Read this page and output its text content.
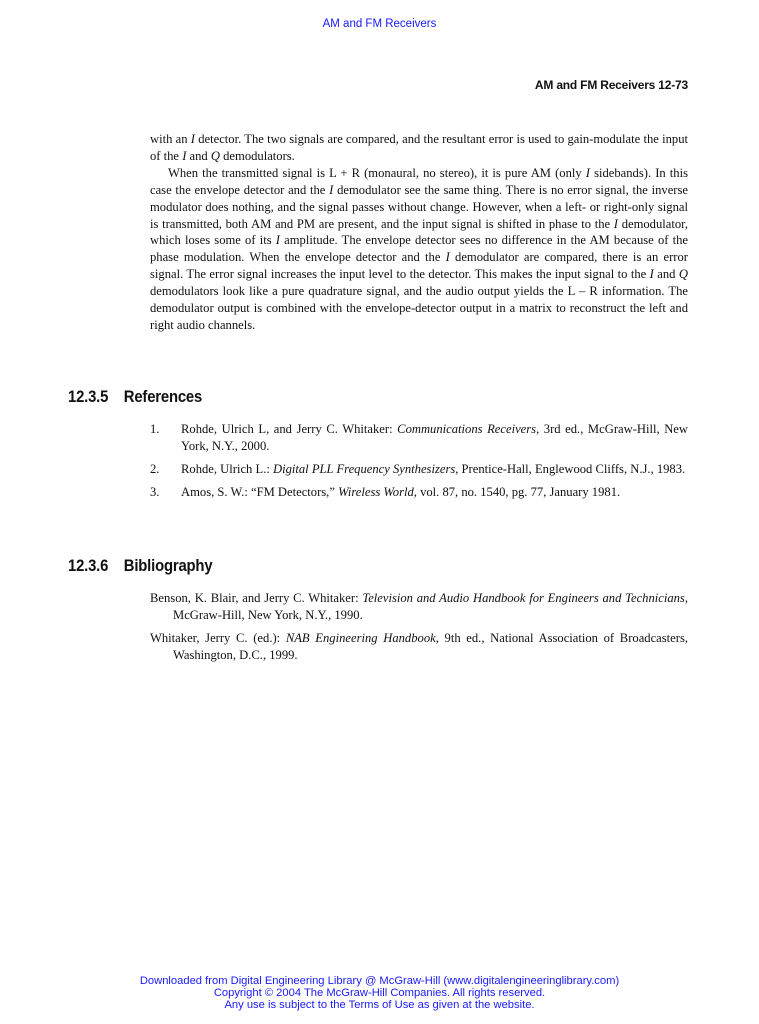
AM and FM Receivers
AM and FM Receivers 12-73

with an I detector. The two signals are compared, and the resultant error is used to gain-modulate the input of the I and Q demodulators.

When the transmitted signal is L + R (monaural, no stereo), it is pure AM (only I sidebands). In this case the envelope detector and the I demodulator see the same thing. There is no error signal, the inverse modulator does nothing, and the signal passes without change. However, when a left- or right-only signal is transmitted, both AM and PM are present, and the input signal is shifted in phase to the I demodulator, which loses some of its I amplitude. The envelope detector sees no difference in the AM because of the phase modulation. When the envelope detector and the I demodulator are compared, there is an error signal. The error signal increases the input level to the detector. This makes the input signal to the I and Q demodulators look like a pure quadrature signal, and the audio output yields the L – R information. The demodulator output is combined with the envelope-detector output in a matrix to reconstruct the left and right audio channels.

12.3.5 References
1. Rohde, Ulrich L, and Jerry C. Whitaker: Communications Receivers, 3rd ed., McGraw-Hill, New York, N.Y., 2000.
2. Rohde, Ulrich L.: Digital PLL Frequency Synthesizers, Prentice-Hall, Englewood Cliffs, N.J., 1983.
3. Amos, S. W.: “FM Detectors,” Wireless World, vol. 87, no. 1540, pg. 77, January 1981.
12.3.6 Bibliography
Benson, K. Blair, and Jerry C. Whitaker: Television and Audio Handbook for Engineers and Technicians, McGraw-Hill, New York, N.Y., 1990.
Whitaker, Jerry C. (ed.): NAB Engineering Handbook, 9th ed., National Association of Broadcasters, Washington, D.C., 1999.
Downloaded from Digital Engineering Library @ McGraw-Hill (www.digitalengineeringlibrary.com)
Copyright © 2004 The McGraw-Hill Companies. All rights reserved.
Any use is subject to the Terms of Use as given at the website.
